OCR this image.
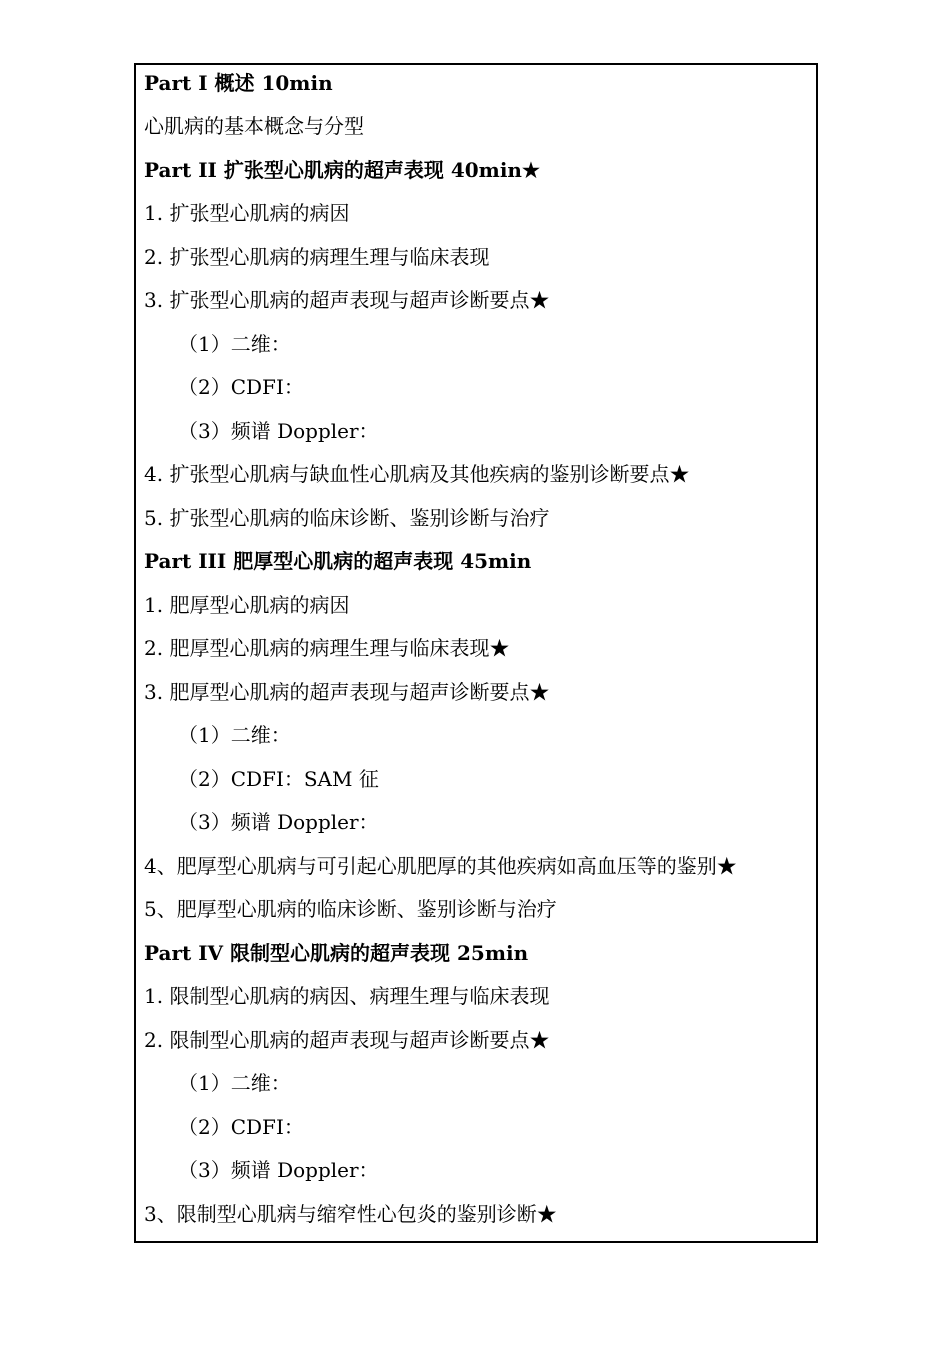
Part I 概述 10min
心肌病的基本概念与分型
Part II 扩张型心肌病的超声表现 40min★
1. 扩张型心肌病的病因
2. 扩张型心肌病的病理生理与临床表现
3. 扩张型心肌病的超声表现与超声诊断要点★
（1）二维：
（2）CDFI：
（3）频谱 Doppler：
4. 扩张型心肌病与缺血性心肌病及其他疾病的鉴别诊断要点★
5. 扩张型心肌病的临床诊断、鉴别诊断与治疗
Part III 肥厚型心肌病的超声表现 45min
1. 肥厚型心肌病的病因
2. 肥厚型心肌病的病理生理与临床表现★
3. 肥厚型心肌病的超声表现与超声诊断要点★
（1）二维：
（2）CDFI：SAM 征
（3）频谱 Doppler：
4、肥厚型心肌病与可引起心肌肥厚的其他疾病如高血压等的鉴别★
5、肥厚型心肌病的临床诊断、鉴别诊断与治疗
Part IV 限制型心肌病的超声表现 25min
1. 限制型心肌病的病因、病理生理与临床表现
2. 限制型心肌病的超声表现与超声诊断要点★
（1）二维：
（2）CDFI：
（3）频谱 Doppler：
3、限制型心肌病与缩窄性心包炎的鉴别诊断★
